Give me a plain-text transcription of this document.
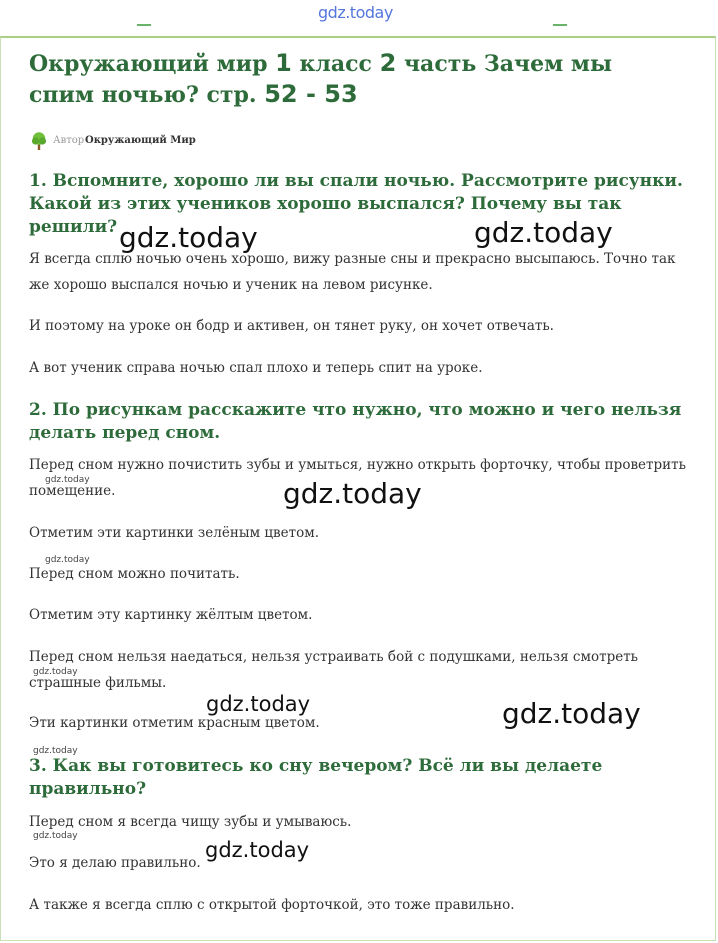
gdz.today
Окружающий мир 1 класс 2 часть Зачем мы спим ночью? стр. 52 - 53
Автор Окружающий Мир
1. Вспомните, хорошо ли вы спали ночью. Рассмотрите рисунки. Какой из этих учеников хорошо выспался? Почему вы так решили?

Я всегда сплю ночью очень хорошо, вижу разные сны и прекрасно высыпаюсь. Точно так же хорошо выспался ночью и ученик на левом рисунке.

И поэтому на уроке он бодр и активен, он тянет руку, он хочет отвечать.

А вот ученик справа ночью спал плохо и теперь спит на уроке.

2. По рисункам расскажите что нужно, что можно и чего нельзя делать перед сном.

Перед сном нужно почистить зубы и умыться, нужно открыть форточку, чтобы проветрить помещение.

Отметим эти картинки зелёным цветом.

Перед сном можно почитать.

Отметим эту картинку жёлтым цветом.

Перед сном нельзя наедаться, нельзя устраивать бой с подушками, нельзя смотреть страшные фильмы.

Эти картинки отметим красным цветом.

3. Как вы готовитесь ко сну вечером? Всё ли вы делаете правильно?

Перед сном я всегда чищу зубы и умываюсь.

Это я делаю правильно.

А также я всегда сплю с открытой форточкой, это тоже правильно.

gdz.today	gdz.today
gdz.today	gdz.today
gdz.today
gdz.today
gdz.today	gdz.today
gdz.today
gdz.today
gdz.today
